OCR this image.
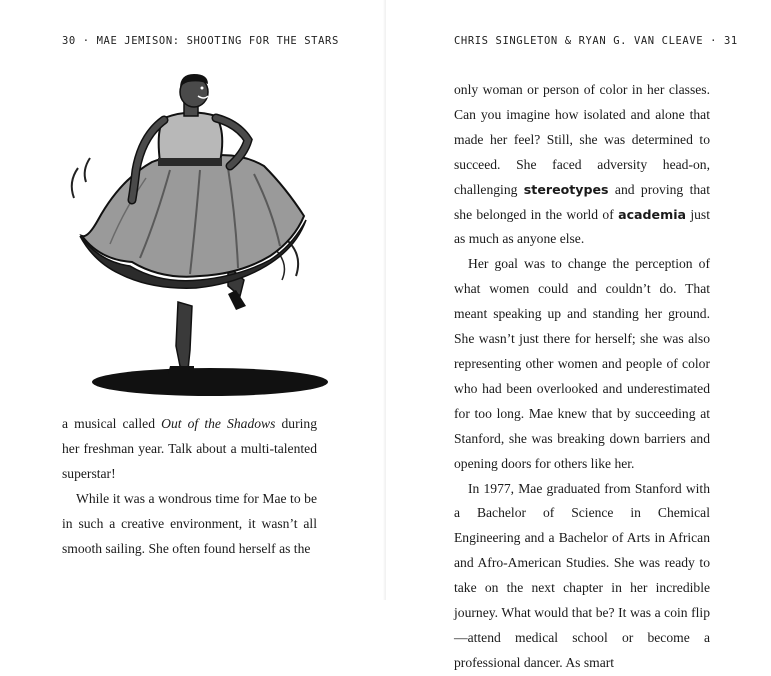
30 · MAE JEMISON: SHOOTING FOR THE STARS

a musical called Out of the Shadows during her freshman year. Talk about a multi-talented superstar!

While it was a wondrous time for Mae to be in such a creative environment, it wasn’t all smooth sailing. She often found herself as the

CHRIS SINGLETON & RYAN G. VAN CLEAVE · 31

only woman or person of color in her classes. Can you imagine how isolated and alone that made her feel? Still, she was determined to succeed. She faced adversity head-on, challenging stereotypes and proving that she belonged in the world of academia just as much as anyone else.

Her goal was to change the perception of what women could and couldn’t do. That meant speaking up and standing her ground. She wasn’t just there for herself; she was also representing other women and people of color who had been overlooked and underestimated for too long. Mae knew that by succeeding at Stanford, she was breaking down barriers and opening doors for others like her.

In 1977, Mae graduated from Stanford with a Bachelor of Science in Chemical Engineering and a Bachelor of Arts in African and Afro-American Studies. She was ready to take on the next chapter in her incredible journey. What would that be? It was a coin flip—attend medical school or become a professional dancer. As smart
